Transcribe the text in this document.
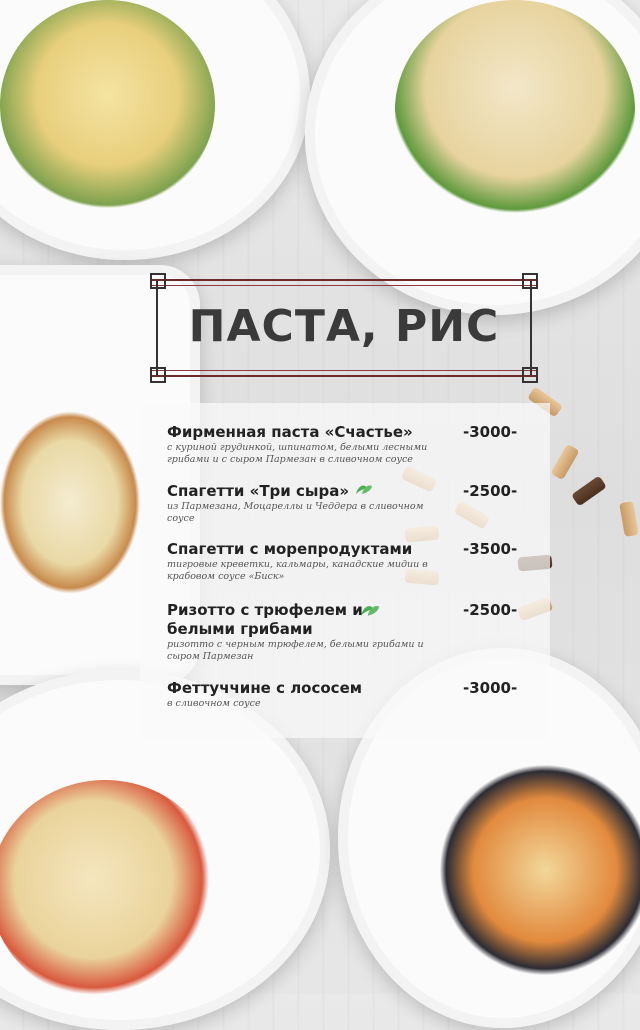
ПАСТА, РИС
Фирменная паста «Счастье»	-3000-
с куриной грудинкой, шпинатом, белыми лесными грибами и с сыром Пармезан в сливочном соусе
Спагетти «Три сыра»	-2500-
из Пармезана, Моцареллы и Чеддера в сливочном соусе
Спагетти с морепродуктами	-3500-
тигровые креветки, кальмары, канадские мидии в крабовом соусе «Биск»
Ризотто с трюфелем и белыми грибами
-2500-
ризотто с черным трюфелем, белыми грибами и сыром Пармезан
Феттуччине с лососем	-3000-
в сливочном соусе
